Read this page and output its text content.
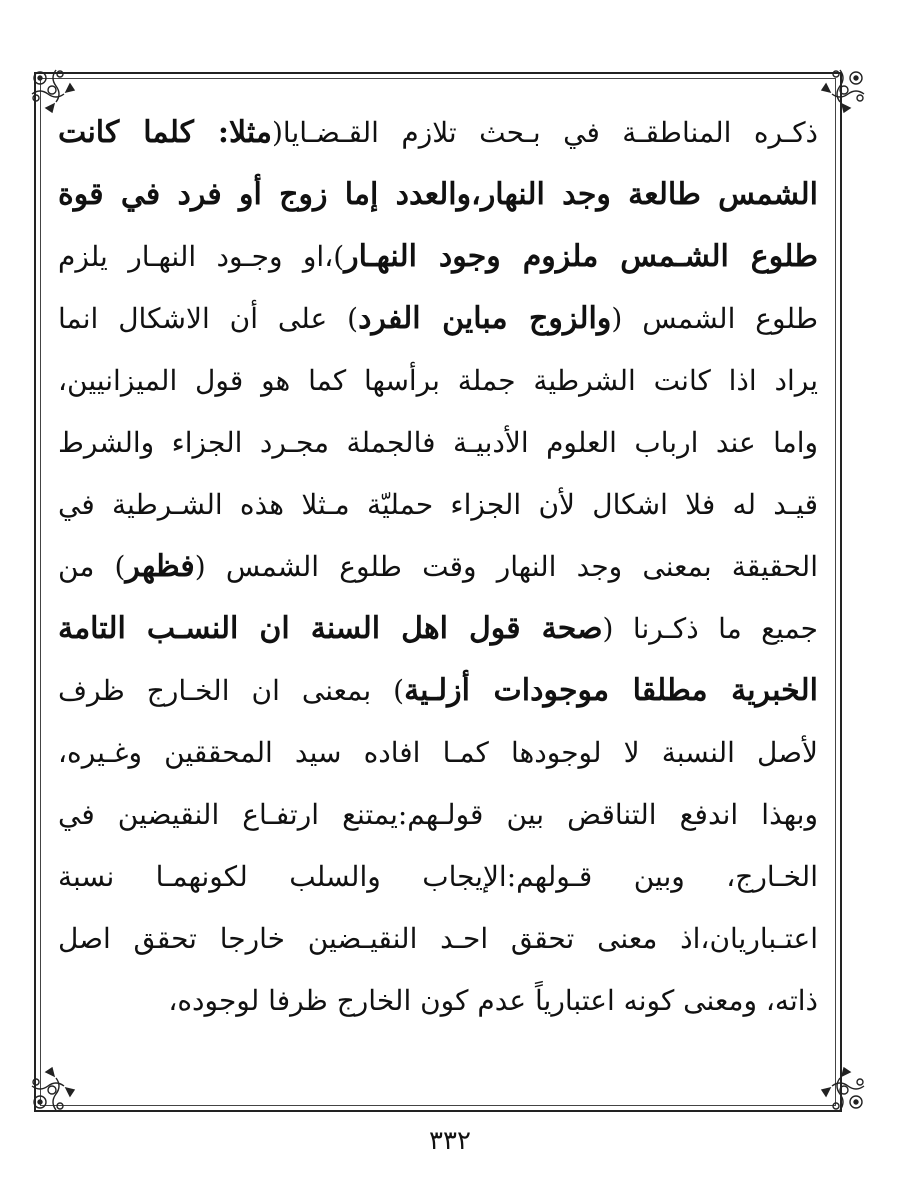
ذكـره المناطقـة في بـحث تلازم القـضـايا(مثلا: كلما كانت
الشمس طالعة وجد النهار،والعدد إما زوج أو فرد في قوة
طلوع الشـمس ملزوم وجود النهـار)،او وجـود النهـار يلزم
طلوع الشمس (والزوج مباين الفرد) على أن الاشكال انما
يراد اذا كانت الشرطية جملة برأسها كما هو قول الميزانيين،
واما عند ارباب العلوم الأدبيـة فالجملة مجـرد الجزاء والشرط
قيـد له فلا اشكال لأن الجزاء حمليّة مـثلا هذه الشـرطية في
الحقيقة بمعنى وجد النهار وقت طلوع الشمس (فظهر) من
جميع ما ذكـرنا (صحة قول اهل السنة ان النسـب التامة
الخبرية مطلقا موجودات أزلـية) بمعنى ان الخـارج ظرف
لأصل النسبة لا لوجودها كمـا افاده سيد المحققين وغـيره،
وبهذا اندفع التناقض بين قولـهم:يمتنع ارتفـاع النقيضين في
الخـارج، وبين قـولهم:الإيجاب والسلب لكونهمـا نسبة
اعتـباريان،اذ معنى تحقق احـد النقيـضين خارجا تحقق اصل
ذاته، ومعنى كونه اعتبارياً عدم كون الخارج ظرفا لوجوده،
٣٣٢
